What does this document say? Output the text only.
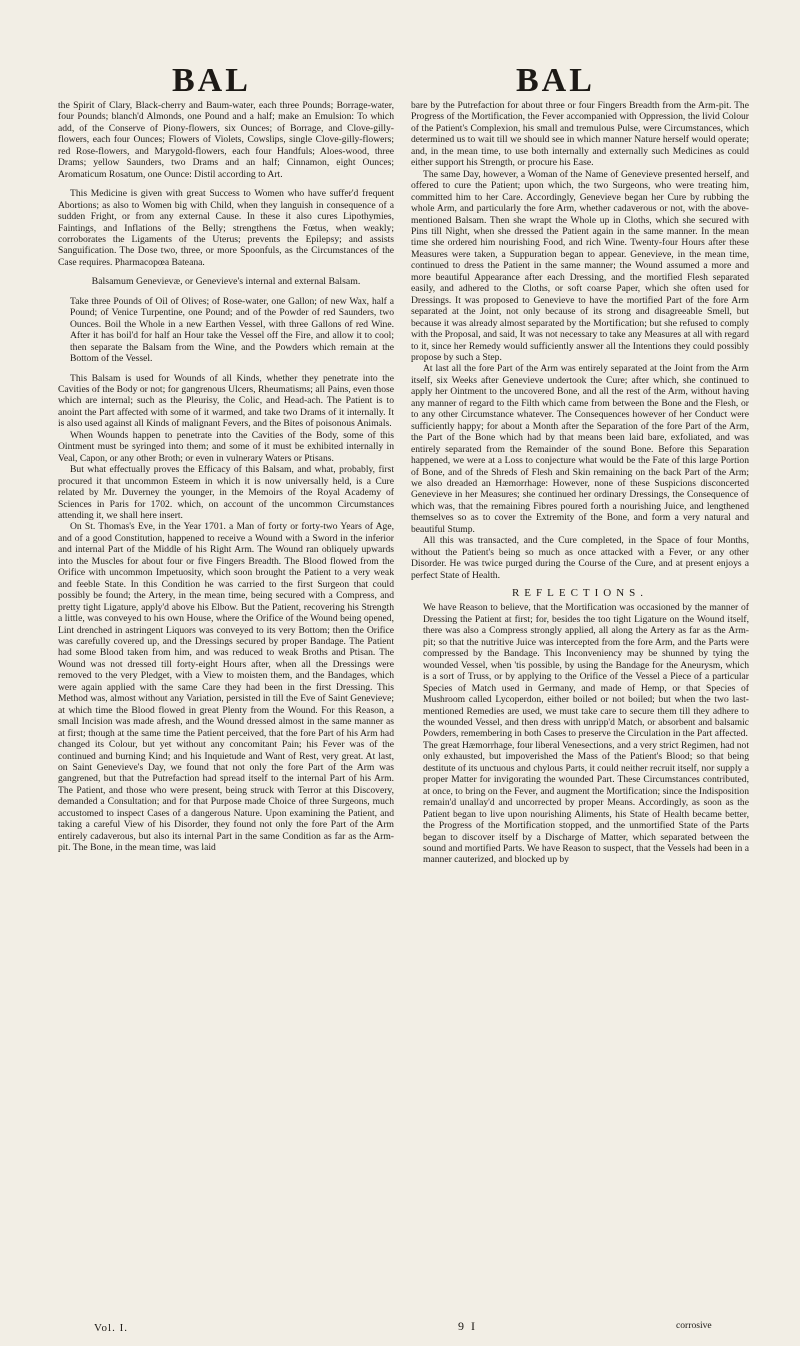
BAL	BAL

the Spirit of Clary, Black-cherry and Baum-water, each three Pounds; Borrage-water, four Pounds; blanch'd Almonds, one Pound and a half; make an Emulsion: To which add, of the Conserve of Piony-flowers, six Ounces; of Borrage, and Clove-gilly-flowers, each four Ounces; Flowers of Violets, Cowslips, single Clove-gilly-flowers; red Rose-flowers, and Marygold-flowers, each four Handfuls; Aloes-wood, three Drams; yellow Saunders, two Drams and an half; Cinnamon, eight Ounces; Aromaticum Rosatum, one Ounce: Distil according to Art.

This Medicine is given with great Success to Women who have suffer'd frequent Abortions; as also to Women big with Child, when they languish in consequence of a sudden Fright, or from any external Cause. In these it also cures Lipothymies, Faintings, and Inflations of the Belly; strengthens the Fœtus, when weakly; corroborates the Ligaments of the Uterus; prevents the Epilepsy; and assists Sanguification. The Dose two, three, or more Spoonfuls, as the Circumstances of the Case requires. Pharmacopœa Bateana.

Balsamum Genevievæ, or Genevieve's internal and external Balsam.

Take three Pounds of Oil of Olives; of Rose-water, one Gallon; of new Wax, half a Pound; of Venice Turpentine, one Pound; and of the Powder of red Saunders, two Ounces. Boil the Whole in a new Earthen Vessel, with three Gallons of red Wine. After it has boil'd for half an Hour take the Vessel off the Fire, and allow it to cool; then separate the Balsam from the Wine, and the Powders which remain at the Bottom of the Vessel.

This Balsam is used for Wounds of all Kinds, whether they penetrate into the Cavities of the Body or not; for gangrenous Ulcers, Rheumatisms; all Pains, even those which are internal; such as the Pleurisy, the Colic, and Head-ach. The Patient is to anoint the Part affected with some of it warmed, and take two Drams of it internally. It is also used against all Kinds of malignant Fevers, and the Bites of poisonous Animals.

When Wounds happen to penetrate into the Cavities of the Body, some of this Ointment must be syringed into them; and some of it must be exhibited internally in Veal, Capon, or any other Broth; or even in vulnerary Waters or Ptisans.

But what effectually proves the Efficacy of this Balsam, and what, probably, first procured it that uncommon Esteem in which it is now universally held, is a Cure related by Mr. Duverney the younger, in the Memoirs of the Royal Academy of Sciences in Paris for 1702. which, on account of the uncommon Circumstances attending it, we shall here insert.

On St. Thomas's Eve, in the Year 1701. a Man of forty or forty-two Years of Age, and of a good Constitution, happened to receive a Wound with a Sword in the inferior and internal Part of the Middle of his Right Arm. The Wound ran obliquely upwards into the Muscles for about four or five Fingers Breadth. The Blood flowed from the Orifice with uncommon Impetuosity, which soon brought the Patient to a very weak and feeble State. In this Condition he was carried to the first Surgeon that could possibly be found; the Artery, in the mean time, being secured with a Compress, and pretty tight Ligature, apply'd above his Elbow. But the Patient, recovering his Strength a little, was conveyed to his own House, where the Orifice of the Wound being opened, Lint drenched in astringent Liquors was conveyed to its very Bottom; then the Orifice was carefully covered up, and the Dressings secured by proper Bandage. The Patient had some Blood taken from him, and was reduced to weak Broths and Ptisan. The Wound was not dressed till forty-eight Hours after, when all the Dressings were removed to the very Pledget, with a View to moisten them, and the Bandages, which were again applied with the same Care they had been in the first Dressing. This Method was, almost without any Variation, persisted in till the Eve of Saint Genevieve; at which time the Blood flowed in great Plenty from the Wound. For this Reason, a small Incision was made afresh, and the Wound dressed almost in the same manner as at first; though at the same time the Patient perceived, that the fore Part of his Arm had changed its Colour, but yet without any concomitant Pain; his Fever was of the continued and burning Kind; and his Inquietude and Want of Rest, very great. At last, on Saint Genevieve's Day, we found that not only the fore Part of the Arm was gangrened, but that the Putrefaction had spread itself to the internal Part of his Arm. The Patient, and those who were present, being struck with Terror at this Discovery, demanded a Consultation; and for that Purpose made Choice of three Surgeons, much accustomed to inspect Cases of a dangerous Nature. Upon examining the Patient, and taking a careful View of his Disorder, they found not only the fore Part of the Arm entirely cadaverous, but also its internal Part in the same Condition as far as the Arm-pit. The Bone, in the mean time, was laid

bare by the Putrefaction for about three or four Fingers Breadth from the Arm-pit. The Progress of the Mortification, the Fever accompanied with Oppression, the livid Colour of the Patient's Complexion, his small and tremulous Pulse, were Circumstances, which determined us to wait till we should see in which manner Nature herself would operate; and, in the mean time, to use both internally and externally such Medicines as could either support his Strength, or procure his Ease.

The same Day, however, a Woman of the Name of Genevieve presented herself, and offered to cure the Patient; upon which, the two Surgeons, who were treating him, committed him to her Care. Accordingly, Genevieve began her Cure by rubbing the whole Arm, and particularly the fore Arm, whether cadaverous or not, with the above-mentioned Balsam. Then she wrapt the Whole up in Cloths, which she secured with Pins till Night, when she dressed the Patient again in the same manner. In the mean time she ordered him nourishing Food, and rich Wine. Twenty-four Hours after these Measures were taken, a Suppuration began to appear. Genevieve, in the mean time, continued to dress the Patient in the same manner; the Wound assumed a more and more beautiful Appearance after each Dressing, and the mortified Flesh separated easily, and adhered to the Cloths, or soft coarse Paper, which she often used for Dressings. It was proposed to Genevieve to have the mortified Part of the fore Arm separated at the Joint, not only because of its strong and disagreeable Smell, but because it was already almost separated by the Mortification; but she refused to comply with the Proposal, and said, It was not necessary to take any Measures at all with regard to it, since her Remedy would sufficiently answer all the Intentions they could possibly propose by such a Step.

At last all the fore Part of the Arm was entirely separated at the Joint from the Arm itself, six Weeks after Genevieve undertook the Cure; after which, she continued to apply her Ointment to the uncovered Bone, and all the rest of the Arm, without having any manner of regard to the Filth which came from between the Bone and the Flesh, or to any other Circumstance whatever. The Consequences however of her Conduct were sufficiently happy; for about a Month after the Separation of the fore Part of the Arm, the Part of the Bone which had by that means been laid bare, exfoliated, and was entirely separated from the Remainder of the sound Bone. Before this Separation happened, we were at a Loss to conjecture what would be the Fate of this large Portion of Bone, and of the Shreds of Flesh and Skin remaining on the back Part of the Arm; we also dreaded an Hæmorrhage: However, none of these Suspicions disconcerted Genevieve in her Measures; she continued her ordinary Dressings, the Consequence of which was, that the remaining Fibres poured forth a nourishing Juice, and lengthened themselves so as to cover the Extremity of the Bone, and form a very natural and beautiful Stump.

All this was transacted, and the Cure completed, in the Space of four Months, without the Patient's being so much as once attacked with a Fever, or any other Disorder. He was twice purged during the Course of the Cure, and at present enjoys a perfect State of Health.

REFLECTIONS.

We have Reason to believe, that the Mortification was occasioned by the manner of Dressing the Patient at first; for, besides the too tight Ligature on the Wound itself, there was also a Compress strongly applied, all along the Artery as far as the Arm-pit; so that the nutritive Juice was intercepted from the fore Arm, and the Parts were compressed by the Bandage. This Inconveniency may be shunned by tying the wounded Vessel, when 'tis possible, by using the Bandage for the Aneurysm, which is a sort of Truss, or by applying to the Orifice of the Vessel a Piece of a particular Species of Match used in Germany, and made of Hemp, or that Species of Mushroom called Lycoperdon, either boiled or not boiled; but when the two last-mentioned Remedies are used, we must take care to secure them till they adhere to the wounded Vessel, and then dress with unripp'd Match, or absorbent and balsamic Powders, remembering in both Cases to preserve the Circulation in the Part affected.

The great Hæmorrhage, four liberal Venesections, and a very strict Regimen, had not only exhausted, but impoverished the Mass of the Patient's Blood; so that being destitute of its unctuous and chylous Parts, it could neither recruit itself, nor supply a proper Matter for invigorating the wounded Part. These Circumstances contributed, at once, to bring on the Fever, and augment the Mortification; since the Indisposition remain'd unallay'd and uncorrected by proper Means. Accordingly, as soon as the Patient began to live upon nourishing Aliments, his State of Health became better, the Progress of the Mortification stopped, and the unmortified State of the Parts began to discover itself by a Discharge of Matter, which separated between the sound and mortified Parts. We have Reason to suspect, that the Vessels had been in a manner cauterized, and blocked up by

Vol. I.	9 I	corrosive
